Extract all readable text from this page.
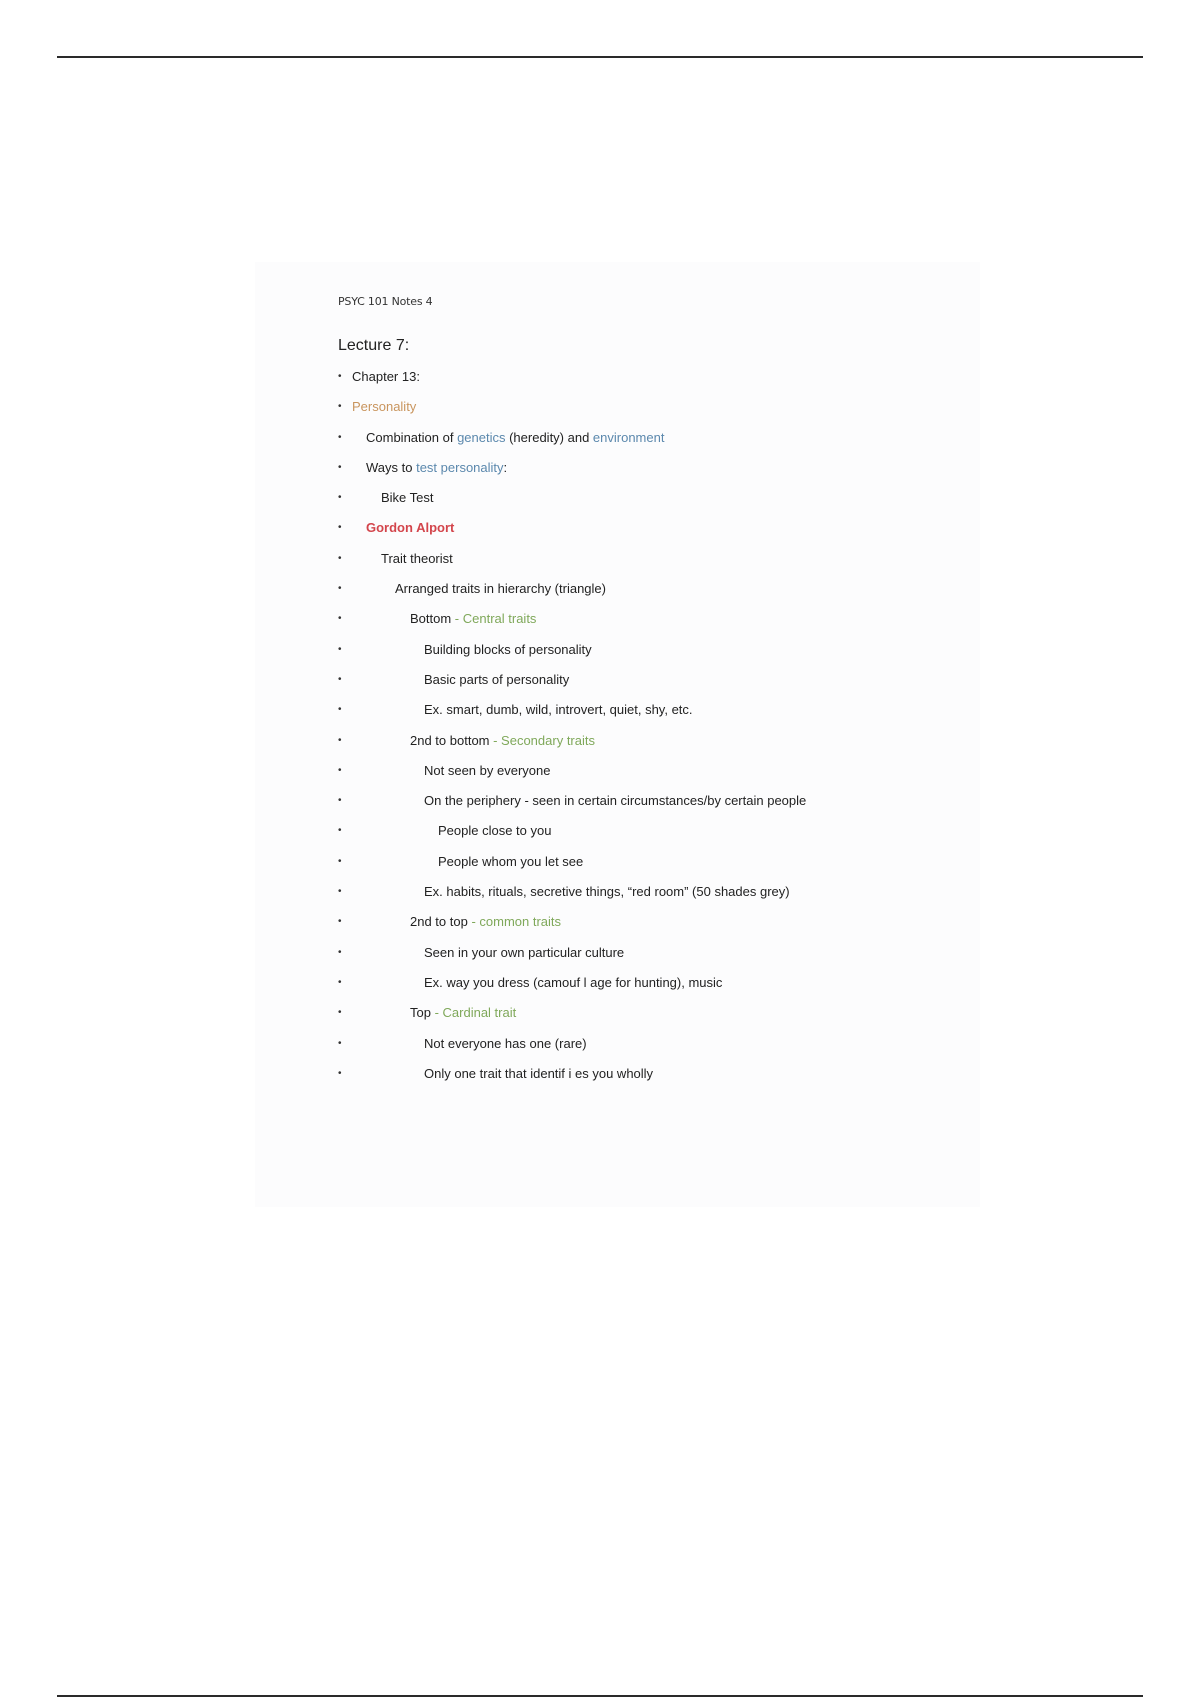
PSYC 101 Notes 4
Lecture 7:
• Chapter 13:
• Personality
• Combination of genetics (heredity) and environment
• Ways to test personality:
•	Bike Test
• Gordon Alport
•	Trait theorist
•	Arranged traits in hierarchy (triangle)
•	Bottom - Central traits
•	Building blocks of personality
•	Basic parts of personality
•	Ex. smart, dumb, wild, introvert, quiet, shy, etc.
•	2nd to bottom - Secondary traits
•	Not seen by everyone
•	On the periphery - seen in certain circumstances/by certain people
•	People close to you
•	People whom you let see
•	Ex. habits, rituals, secretive things, “red room” (50 shades grey)
•	2nd to top - common traits
•	Seen in your own particular culture
•	Ex. way you dress (camouf l age for hunting), music
•	Top - Cardinal trait
•	Not everyone has one (rare)
•	Only one trait that identif i es you wholly
